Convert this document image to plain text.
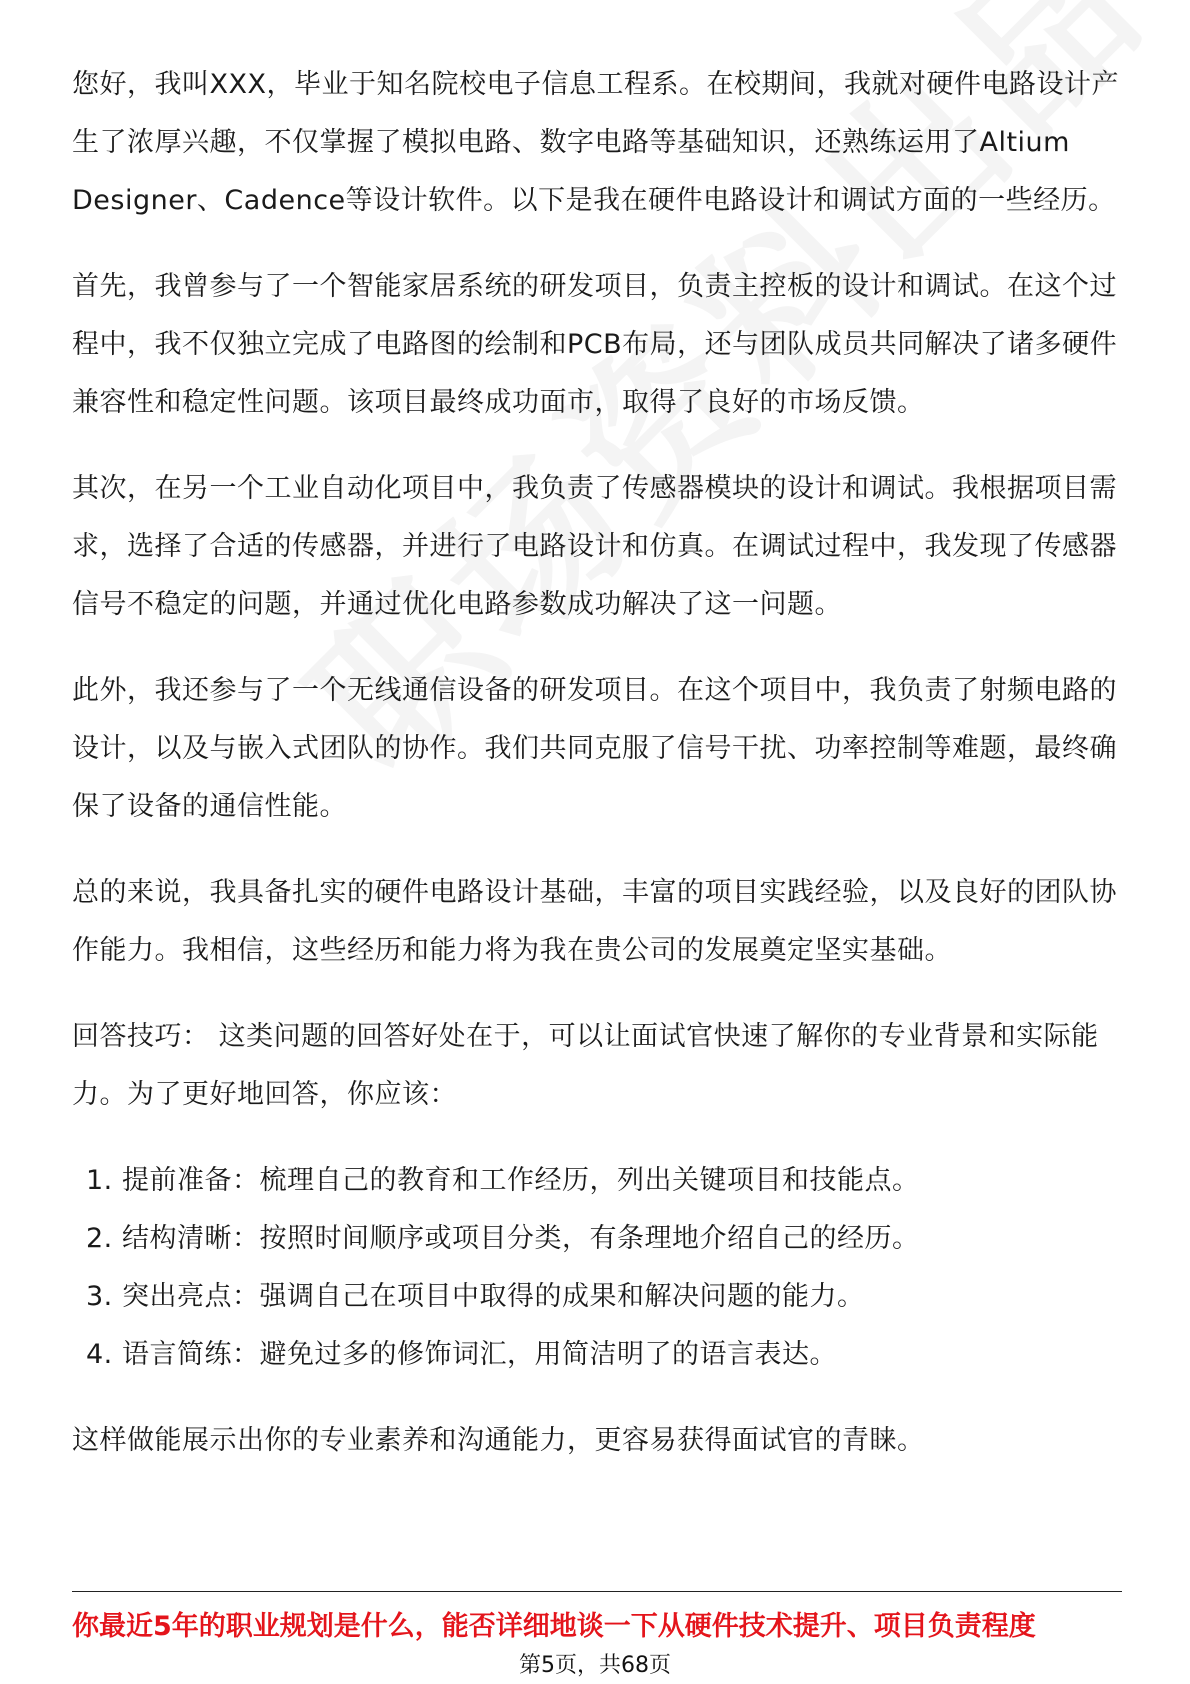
您好，我叫XXX，毕业于知名院校电子信息工程系。在校期间，我就对硬件电路设计产生了浓厚兴趣，不仅掌握了模拟电路、数字电路等基础知识，还熟练运用了Altium Designer、Cadence等设计软件。以下是我在硬件电路设计和调试方面的一些经历。

首先，我曾参与了一个智能家居系统的研发项目，负责主控板的设计和调试。在这个过程中，我不仅独立完成了电路图的绘制和PCB布局，还与团队成员共同解决了诸多硬件兼容性和稳定性问题。该项目最终成功面市，取得了良好的市场反馈。

其次，在另一个工业自动化项目中，我负责了传感器模块的设计和调试。我根据项目需求，选择了合适的传感器，并进行了电路设计和仿真。在调试过程中，我发现了传感器信号不稳定的问题，并通过优化电路参数成功解决了这一问题。

此外，我还参与了一个无线通信设备的研发项目。在这个项目中，我负责了射频电路的设计，以及与嵌入式团队的协作。我们共同克服了信号干扰、功率控制等难题，最终确保了设备的通信性能。

总的来说，我具备扎实的硬件电路设计基础，丰富的项目实践经验，以及良好的团队协作能力。我相信，这些经历和能力将为我在贵公司的发展奠定坚实基础。

回答技巧： 这类问题的回答好处在于，可以让面试官快速了解你的专业背景和实际能力。为了更好地回答，你应该：

1. 提前准备：梳理自己的教育和工作经历，列出关键项目和技能点。
2. 结构清晰：按照时间顺序或项目分类，有条理地介绍自己的经历。
3. 突出亮点：强调自己在项目中取得的成果和解决问题的能力。
4. 语言简练：避免过多的修饰词汇，用简洁明了的语言表达。

这样做能展示出你的专业素养和沟通能力，更容易获得面试官的青睐。

你最近5年的职业规划是什么，能否详细地谈一下从硬件技术提升、项目负责程度
第5页，共68页
